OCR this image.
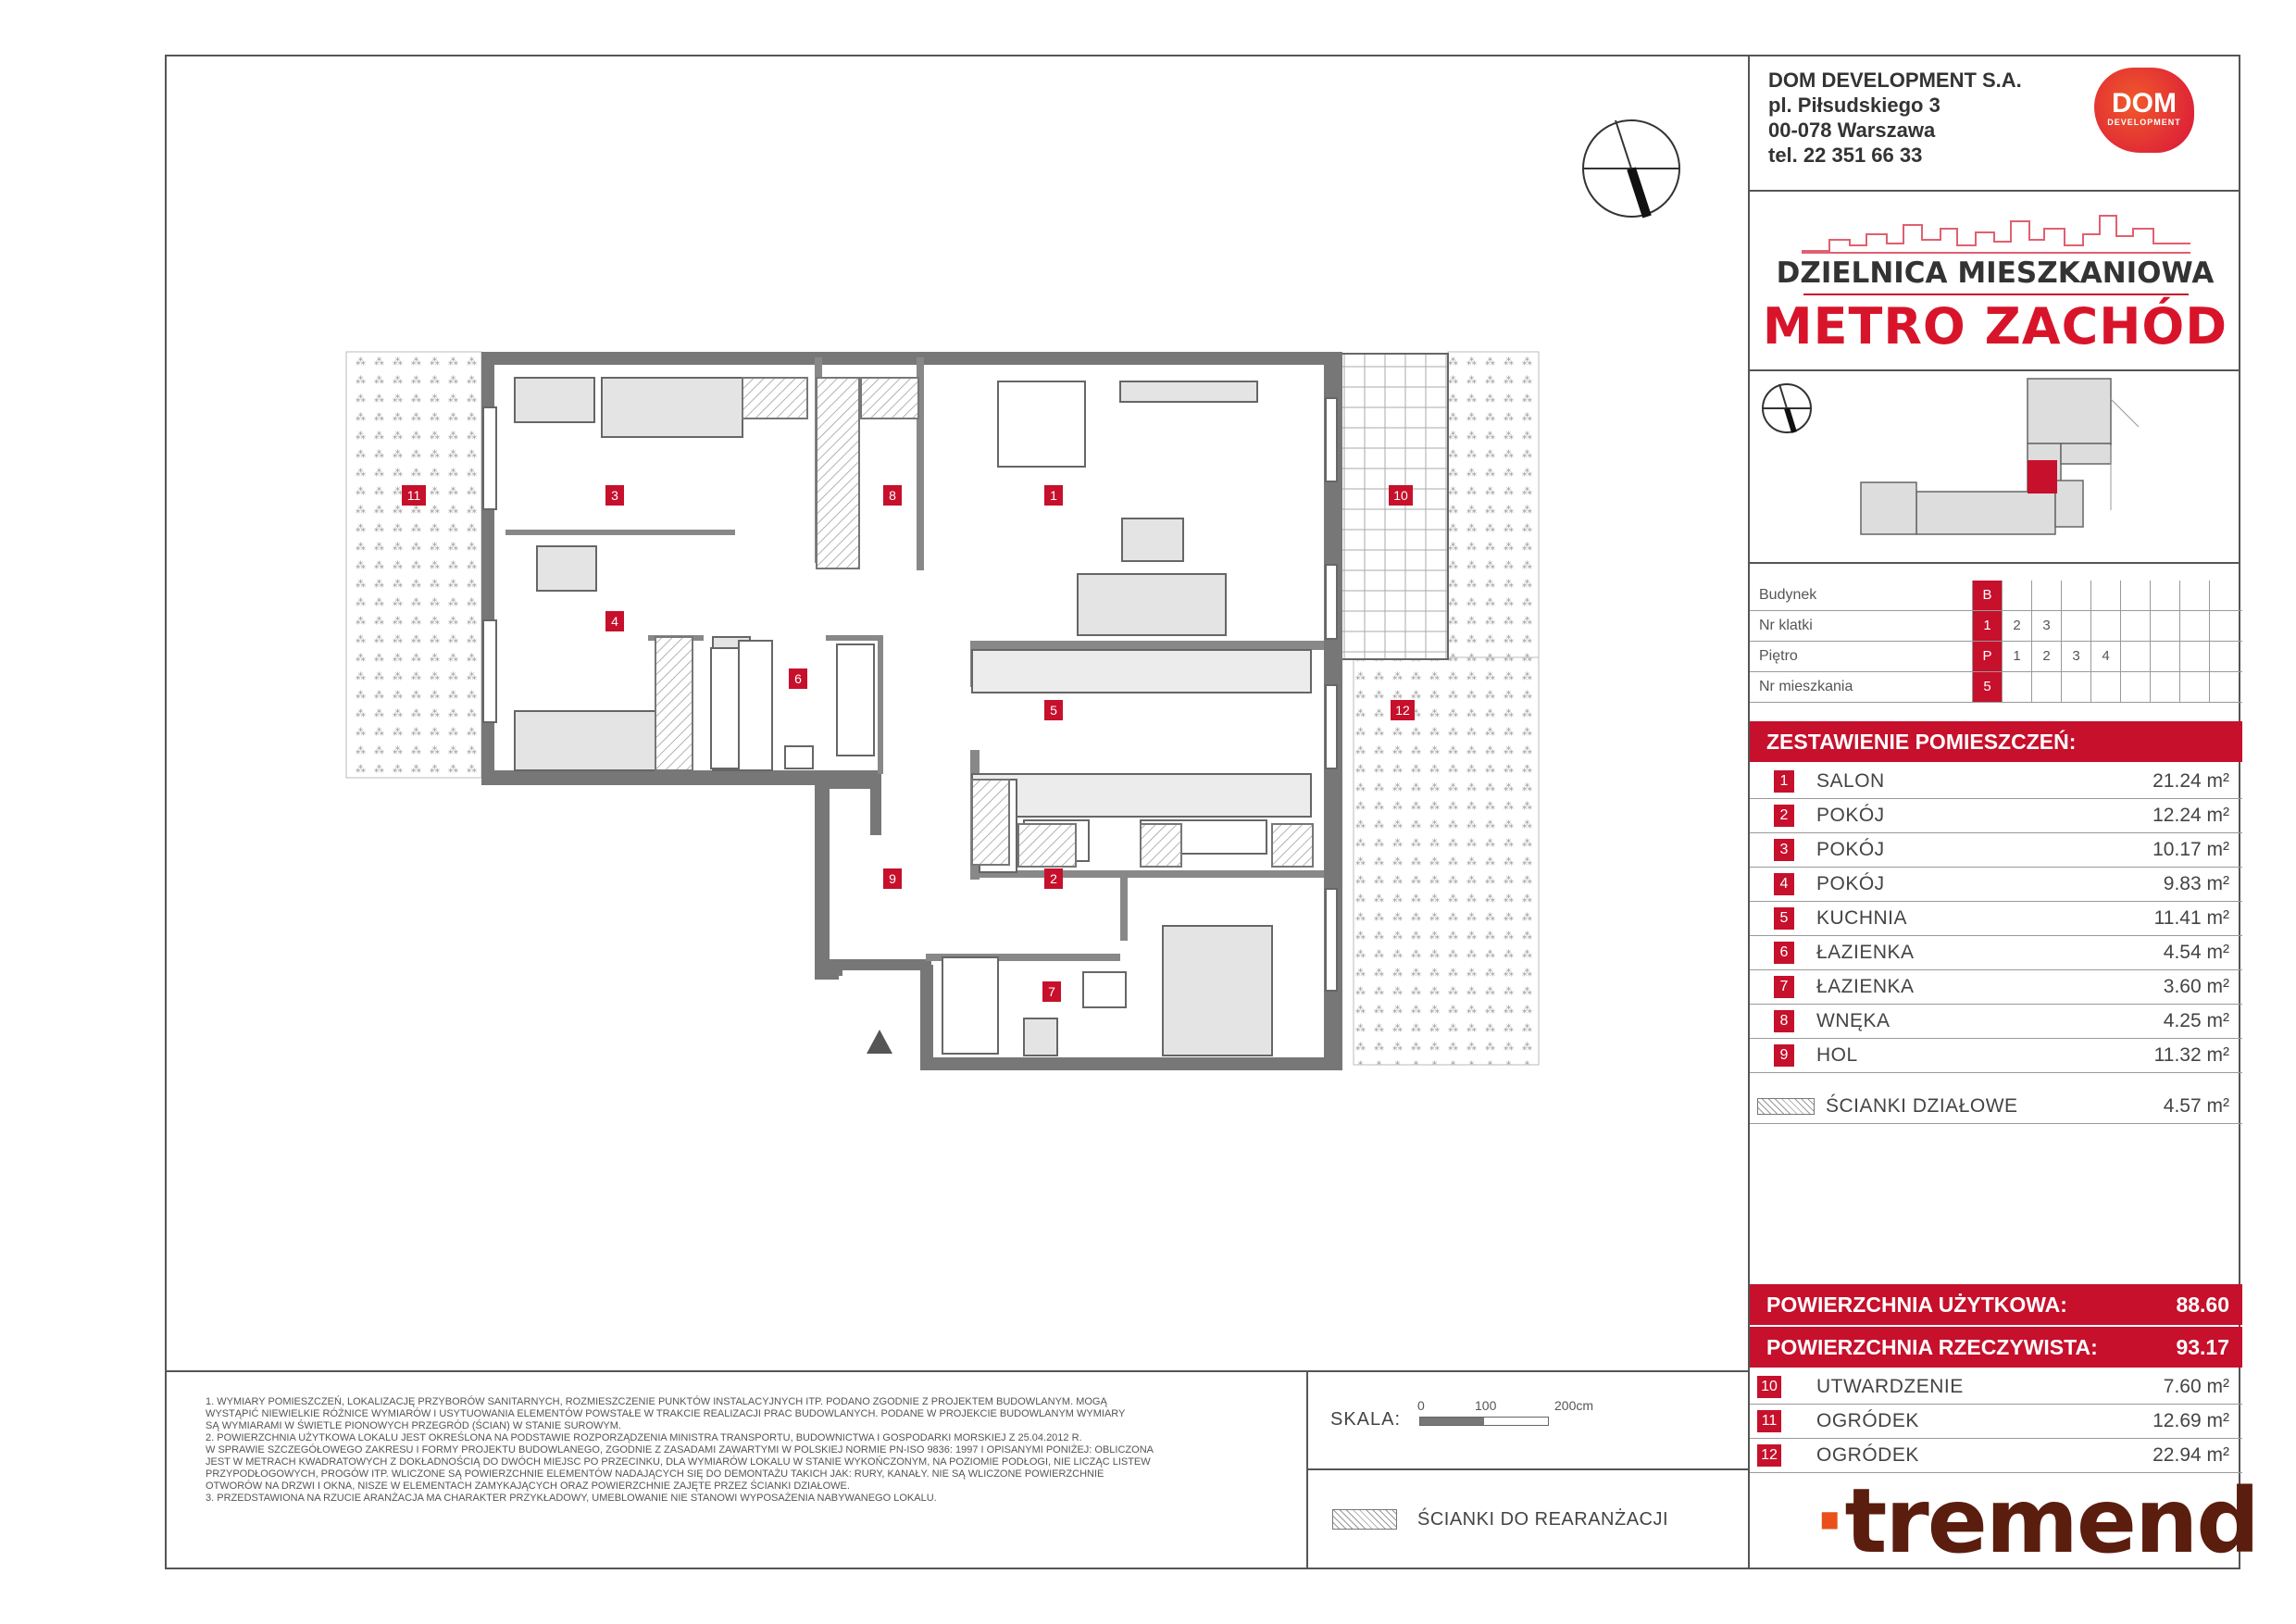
1
2
3
4
5
6
7
8
9
10
11
12

1. WYMIARY POMIESZCZEŃ, LOKALIZACJĘ PRZYBORÓW SANITARNYCH, ROZMIESZCZENIE PUNKTÓW INSTALACYJNYCH ITP. PODANO ZGODNIE Z PROJEKTEM BUDOWLANYM. MOGĄ

WYSTĄPIĆ NIEWIELKIE RÓŻNICE WYMIARÓW I USYTUOWANIA ELEMENTÓW POWSTAŁE W TRAKCIE REALIZACJI PRAC BUDOWLANYCH. PODANE W PROJEKCIE BUDOWLANYM WYMIARY

SĄ WYMIARAMI W ŚWIETLE PIONOWYCH PRZEGRÓD (ŚCIAN) W STANIE SUROWYM.

2. POWIERZCHNIA UŻYTKOWA LOKALU JEST OKREŚLONA NA PODSTAWIE ROZPORZĄDZENIA MINISTRA TRANSPORTU, BUDOWNICTWA I GOSPODARKI MORSKIEJ Z 25.04.2012 R.

W SPRAWIE SZCZEGÓŁOWEGO ZAKRESU I FORMY PROJEKTU BUDOWLANEGO, ZGODNIE Z ZASADAMI ZAWARTYMI W POLSKIEJ NORMIE PN-ISO 9836: 1997 I OPISANYMI PONIŻEJ: OBLICZONA

JEST W METRACH KWADRATOWYCH Z DOKŁADNOŚCIĄ DO DWÓCH MIEJSC PO PRZECINKU, DLA WYMIARÓW LOKALU W STANIE WYKOŃCZONYM, NA POZIOMIE PODŁOGI, NIE LICZĄC LISTEW

PRZYPODŁOGOWYCH, PROGÓW ITP. WLICZONE SĄ POWIERZCHNIE ELEMENTÓW NADAJĄCYCH SIĘ DO DEMONTAŻU TAKICH JAK: RURY, KANAŁY. NIE SĄ WLICZONE POWIERZCHNIE

OTWORÓW NA DRZWI I OKNA, NISZE W ELEMENTACH ZAMYKAJĄCYCH ORAZ POWIERZCHNIE ZAJĘTE PRZEZ ŚCIANKI DZIAŁOWE.

3. PRZEDSTAWIONA NA RZUCIE ARANŻACJA MA CHARAKTER PRZYKŁADOWY, UMEBLOWANIE NIE STANOWI WYPOSAŻENIA NABYWANEGO LOKALU.

SKALA:
0	100	200cm
ŚCIANKI DO REARANŻACJI
DOM DEVELOPMENT S.A.
pl. Piłsudskiego 3
00-078 Warszawa
tel. 22 351 66 33
DOM
DEVELOPMENT
DZIELNICA MIESZKANIOWA
METRO ZACHÓD
Budynek	B
Nr klatki	1	2	3
Piętro	P	1	2	3	4
Nr mieszkania	5
ZESTAWIENIE POMIESZCZEŃ:
1	SALON	21.24 m²
2	POKÓJ	12.24 m²
3	POKÓJ	10.17 m²
4	POKÓJ	9.83 m²
5	KUCHNIA	11.41 m²
6	ŁAZIENKA	4.54 m²
7	ŁAZIENKA	3.60 m²
8	WNĘKA	4.25 m²
9	HOL	11.32 m²
ŚCIANKI DZIAŁOWE	4.57 m²
POWIERZCHNIA UŻYTKOWA:	88.60
POWIERZCHNIA RZECZYWISTA:	93.17
10 UTWARDZENIE	7.60 m²
11 OGRÓDEK	12.69 m²
12 OGRÓDEK	22.94 m²
·tremend
